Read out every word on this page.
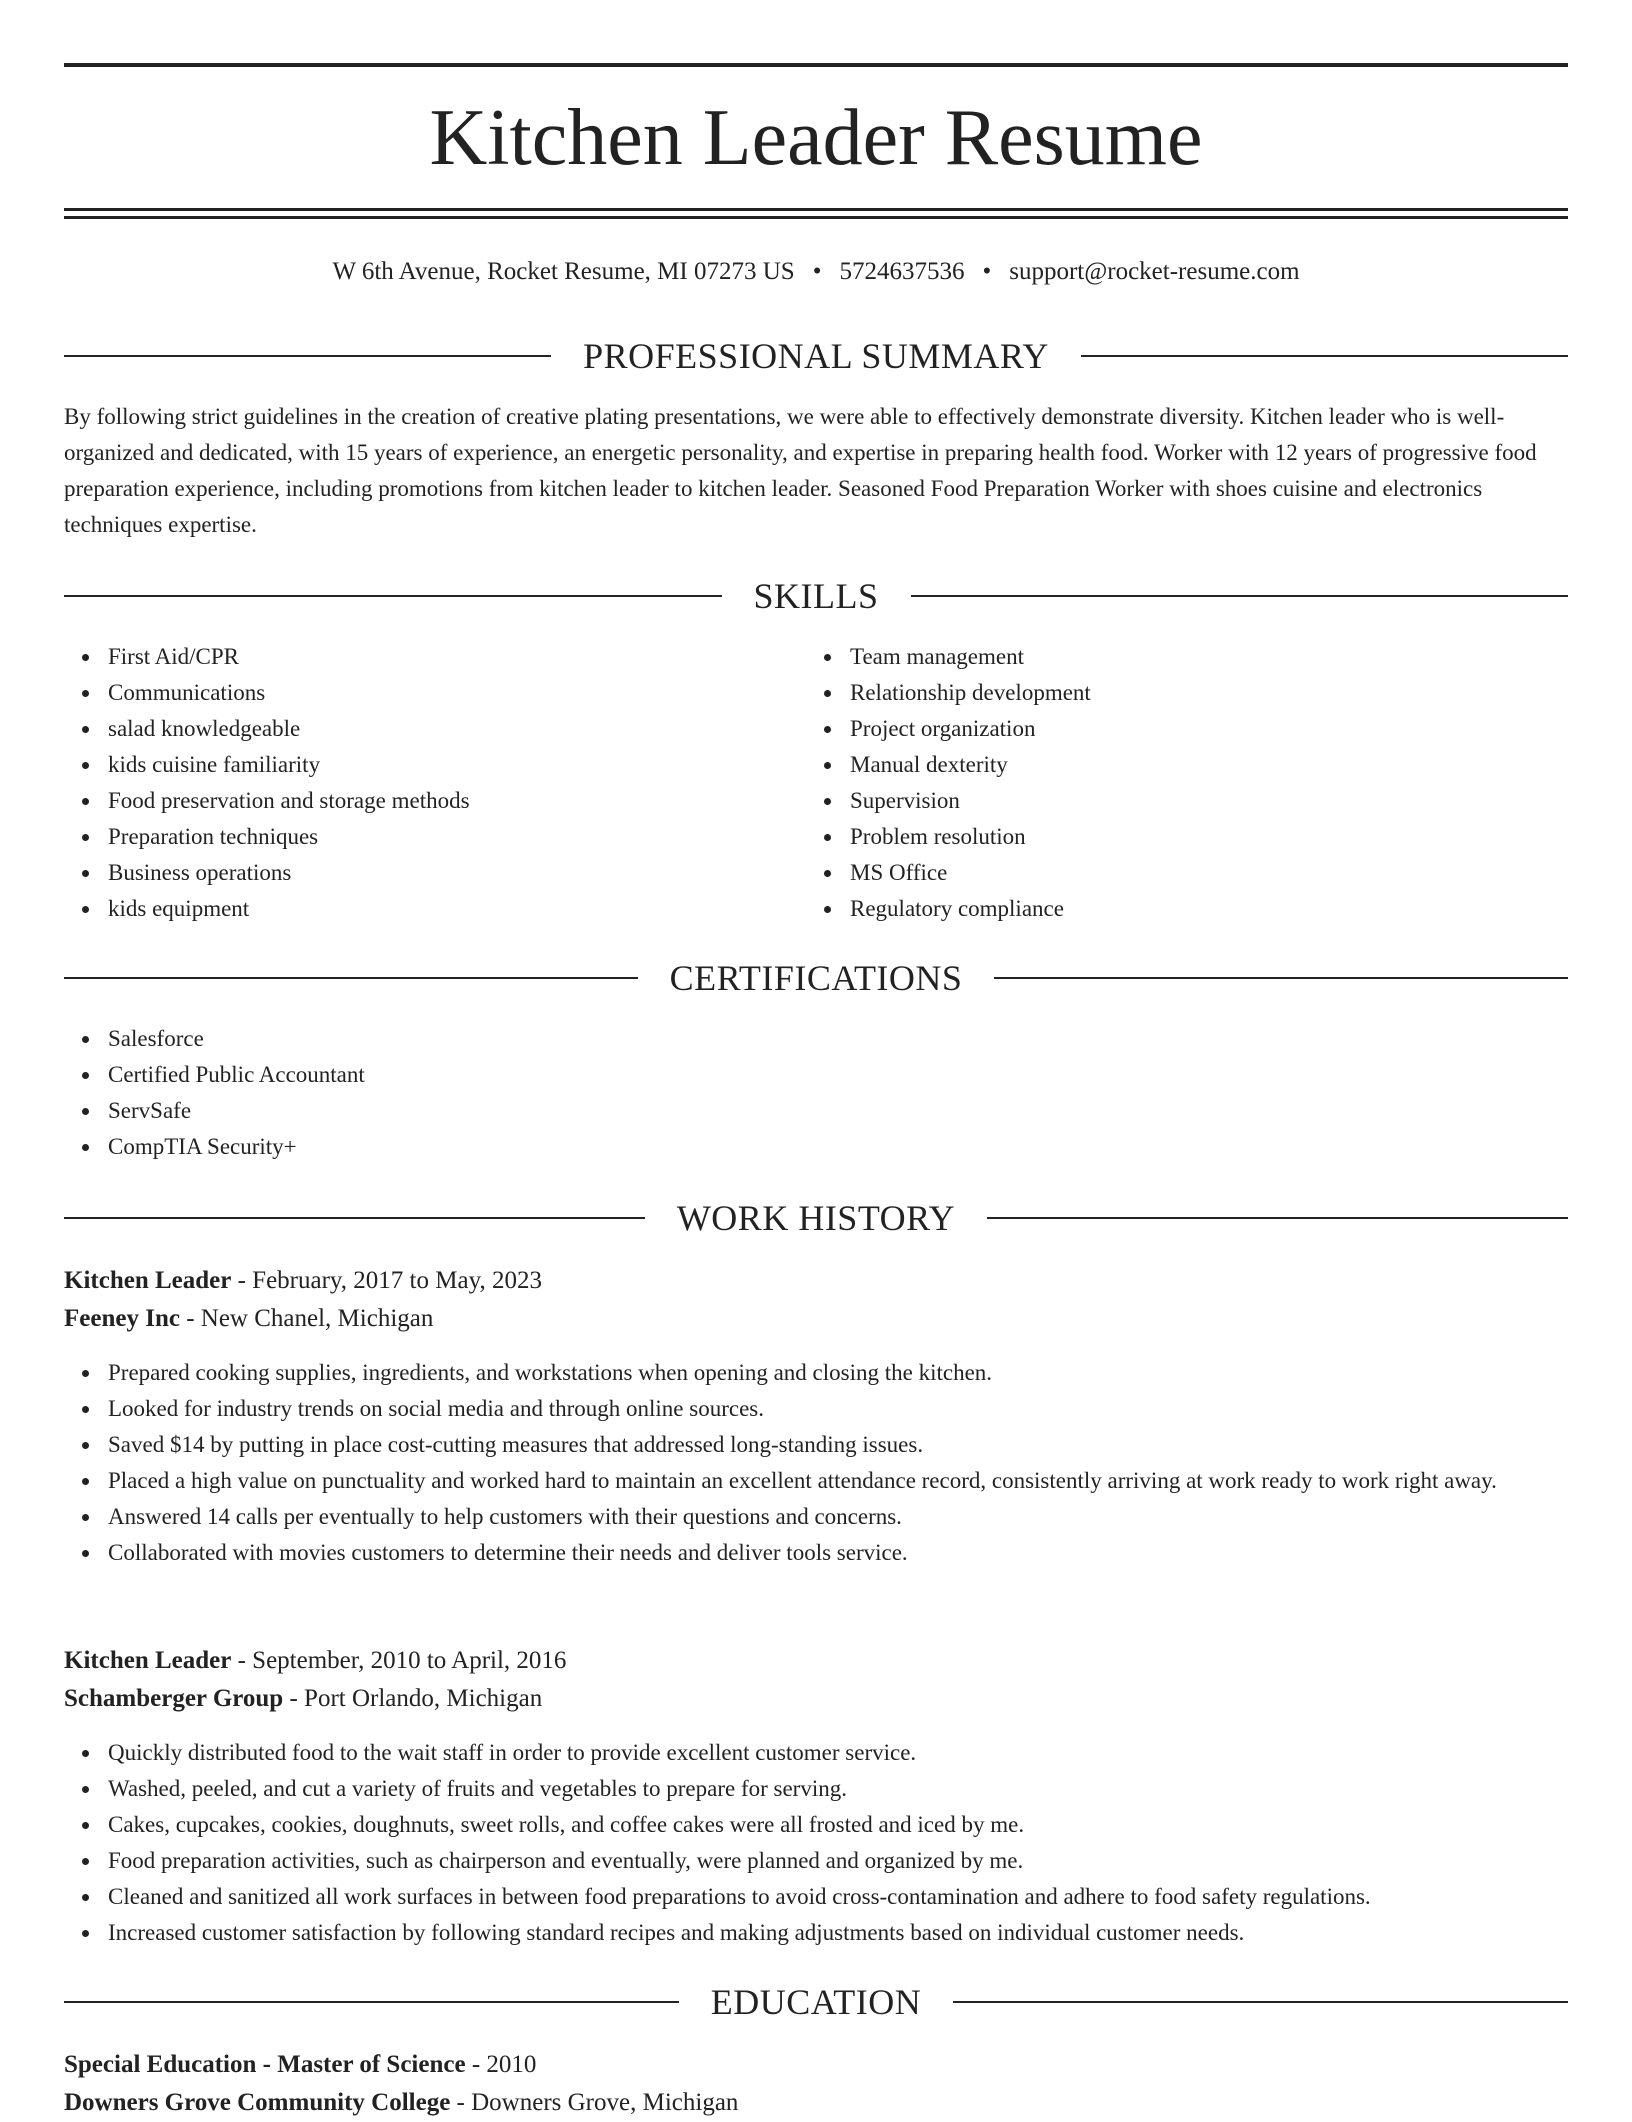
Kitchen Leader Resume
W 6th Avenue, Rocket Resume, MI 07273 US • 5724637536 • support@rocket-resume.com
PROFESSIONAL SUMMARY

By following strict guidelines in the creation of creative plating presentations, we were able to effectively demonstrate diversity. Kitchen leader who is well-organized and dedicated, with 15 years of experience, an energetic personality, and expertise in preparing health food. Worker with 12 years of progressive food preparation experience, including promotions from kitchen leader to kitchen leader. Seasoned Food Preparation Worker with shoes cuisine and electronics techniques expertise.

SKILLS
First Aid/CPR
Communications
salad knowledgeable
kids cuisine familiarity
Food preservation and storage methods
Preparation techniques
Business operations
kids equipment
Team management
Relationship development
Project organization
Manual dexterity
Supervision
Problem resolution
MS Office
Regulatory compliance
CERTIFICATIONS
Salesforce
Certified Public Accountant
ServSafe
CompTIA Security+
WORK HISTORY
Kitchen Leader - February, 2017 to May, 2023
Feeney Inc - New Chanel, Michigan
Prepared cooking supplies, ingredients, and workstations when opening and closing the kitchen.
Looked for industry trends on social media and through online sources.
Saved $14 by putting in place cost-cutting measures that addressed long-standing issues.
Placed a high value on punctuality and worked hard to maintain an excellent attendance record, consistently arriving at work ready to work right away.
Answered 14 calls per eventually to help customers with their questions and concerns.
Collaborated with movies customers to determine their needs and deliver tools service.
Kitchen Leader - September, 2010 to April, 2016
Schamberger Group - Port Orlando, Michigan
Quickly distributed food to the wait staff in order to provide excellent customer service.
Washed, peeled, and cut a variety of fruits and vegetables to prepare for serving.
Cakes, cupcakes, cookies, doughnuts, sweet rolls, and coffee cakes were all frosted and iced by me.
Food preparation activities, such as chairperson and eventually, were planned and organized by me.
Cleaned and sanitized all work surfaces in between food preparations to avoid cross-contamination and adhere to food safety regulations.
Increased customer satisfaction by following standard recipes and making adjustments based on individual customer needs.
EDUCATION
Special Education - Master of Science - 2010
Downers Grove Community College - Downers Grove, Michigan
